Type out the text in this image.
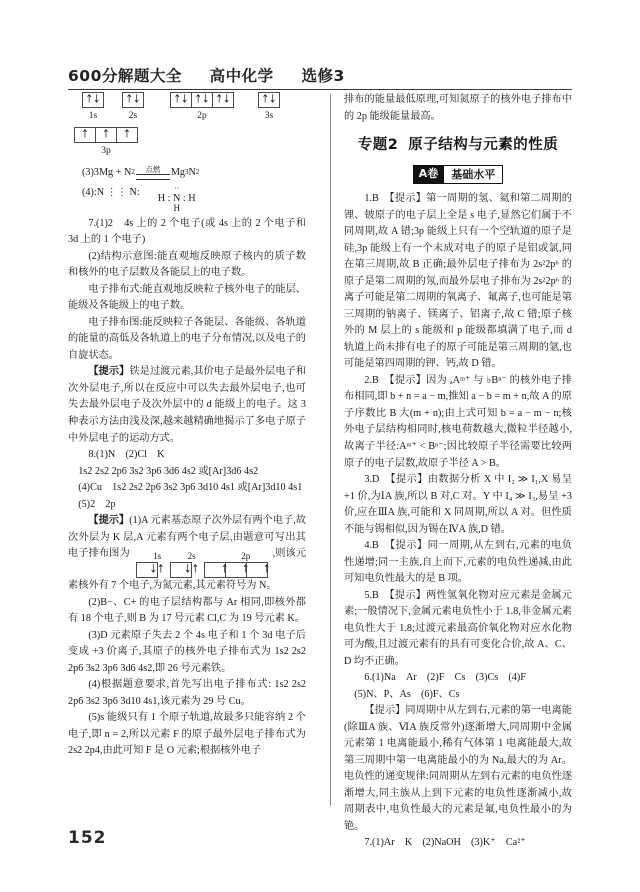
600分解题大全 高中化学 选修3
↑↓
1s
↑↓
2s
↑↓ ↑↓ ↑↓
2p
↑↓
3s
↑ ↑ ↑
3p
(3) 3Mg + N 2 点燃 Mg 3 N 2
(4) :N ⋮⋮ N:	··
H : N : H
H

7.(1)2　4s 上的 2 个电子(或 4s 上的 2 个电子和 3d 上的 1 个电子)

(2)结构示意图:能直观地反映原子核内的质子数和核外的电子层数及各能层上的电子数。

电子排布式:能直观地反映粒子核外电子的能层、能级及各能级上的电子数。

电子排布图:能反映粒子各能层、各能级、各轨道的能量的高低及各轨道上的电子分布情况,以及电子的自旋状态。

【提示】铁是过渡元素,其价电子是最外层电子和次外层电子,所以在反应中可以失去最外层电子,也可失去最外层电子及次外层中的 d 能级上的电子。这 3 种表示方法由浅及深,越来越精确地揭示了多电子原子中外层电子的运动方式。

8.(1)N　(2)Cl　K

1s2 2s2 2p6 3s2 3p6 3d6 4s2 或[Ar]3d6 4s2

(4)Cu　1s2 2s2 2p6 3s2 3p6 3d10 4s1 或[Ar]3d10 4s1

(5)2　2p

【提示】(1)A 元素基态原子次外层有两个电子,故次外层为 K 层,A 元素有两个电子层,由题意可写出其电子排布图为	1s
↓↑
2s
↓↑
2p
↑	↑	↑
,则该元素核外有 7 个电子,为氮元素,其元素符号为 N。

(2)B−、C+ 的电子层结构都与 Ar 相同,即核外都有 18 个电子,则 B 为 17 号元素 Cl,C 为 19 号元素 K。

(3)D 元素原子失去 2 个 4s 电子和 1 个 3d 电子后变成 +3 价离子,其原子的核外电子排布式为 1s2 2s2 2p6 3s2 3p6 3d6 4s2,即 26 号元素铁。

(4)根据题意要求,首先写出电子排布式: 1s2 2s2 2p6 3s2 3p6 3d10 4s1,该元素为 29 号 Cu。

(5)s 能级只有 1 个原子轨道,故最多只能容纳 2 个电子,即 n = 2,所以元素 F 的原子最外层电子排布式为 2s2 2p4,由此可知 F 是 O 元素;根据核外电子

排布的能量最低原理,可知氮原子的核外电子排布中的 2p 能级能量最高。

专题2 原子结构与元素的性质
A卷	基础水平

1.B　【提示】第一周期的氢、氦和第二周期的锂、铍原子的电子层上全是 s 电子,显然它们属于不同周期,故 A 错;3p 能级上只有一个空轨道的原子是硅,3p 能级上有一个未成对电子的原子是铝或氯,同在第三周期,故 B 正确;最外层电子排布为 2s²2p⁶ 的原子是第二周期的氖,而最外层电子排布为 2s²2p⁶ 的离子可能是第二周期的氧离子、氟离子,也可能是第三周期的钠离子、镁离子、铝离子,故 C 错;原子核外的 M 层上的 s 能级和 p 能级都填满了电子,而 d 轨道上尚未排有电子的原子可能是第三周期的氩,也可能是第四周期的钾、钙,故 D 错。

2.B　【提示】因为 ₐAᵐ⁺ 与 ♭Bⁿ⁻ 的核外电子排布相同,即 b + n = a − m,推知 a − b = m + n,故 A 的原子序数比 B 大(m + n);由上式可知 b = a − m − n;核外电子层结构相同时,核电荷数越大,微粒半径越小,故离子半径:Aᵐ⁺ < Bⁿ⁻;因比较原子半径需要比较两原子的电子层数,故原子半径 A > B。

3.D　【提示】由数据分析 X 中 I₂ ≫ I₁,X 易呈 +1 价,为ⅠA 族,所以 B 对,C 对。Y 中 I₄ ≫ I₃,易呈 +3 价,应在ⅢA 族,可能和 X 同周期,所以 A 对。但性质不能与锡相似,因为锡在ⅣA 族,D 错。

4.B　【提示】同一周期,从左到右,元素的电负性递增;同一主族,自上而下,元素的电负性递减,由此可知电负性最大的是 B 项。

5.B　【提示】两性氢氧化物对应元素是金属元素;一般情况下,金属元素电负性小于 1.8,非金属元素电负性大于 1.8;过渡元素最高价氧化物对应水化物可为酸,且过渡元素有的具有可变化合价,故 A、C、D 均不正确。

6.(1)Na　Ar　(2)F　Cs　(3)Cs　(4)F

(5)N、P、As　(6)F、Cs

【提示】同周期中从左到右,元素的第一电离能(除ⅢA 族、ⅥA 族反常外)逐渐增大,同周期中金属元素第 1 电离能最小,稀有气体第 1 电离能最大,故第三周期中第一电离能最小的为 Na,最大的为 Ar。电负性的递变规律:同周期从左到右元素的电负性逐渐增大,同主族从上到下元素的电负性逐渐减小,故周期表中,电负性最大的元素是氟,电负性最小的为铯。

7.(1)Ar　K　(2)NaOH　(3)K⁺　Ca²⁺

152
